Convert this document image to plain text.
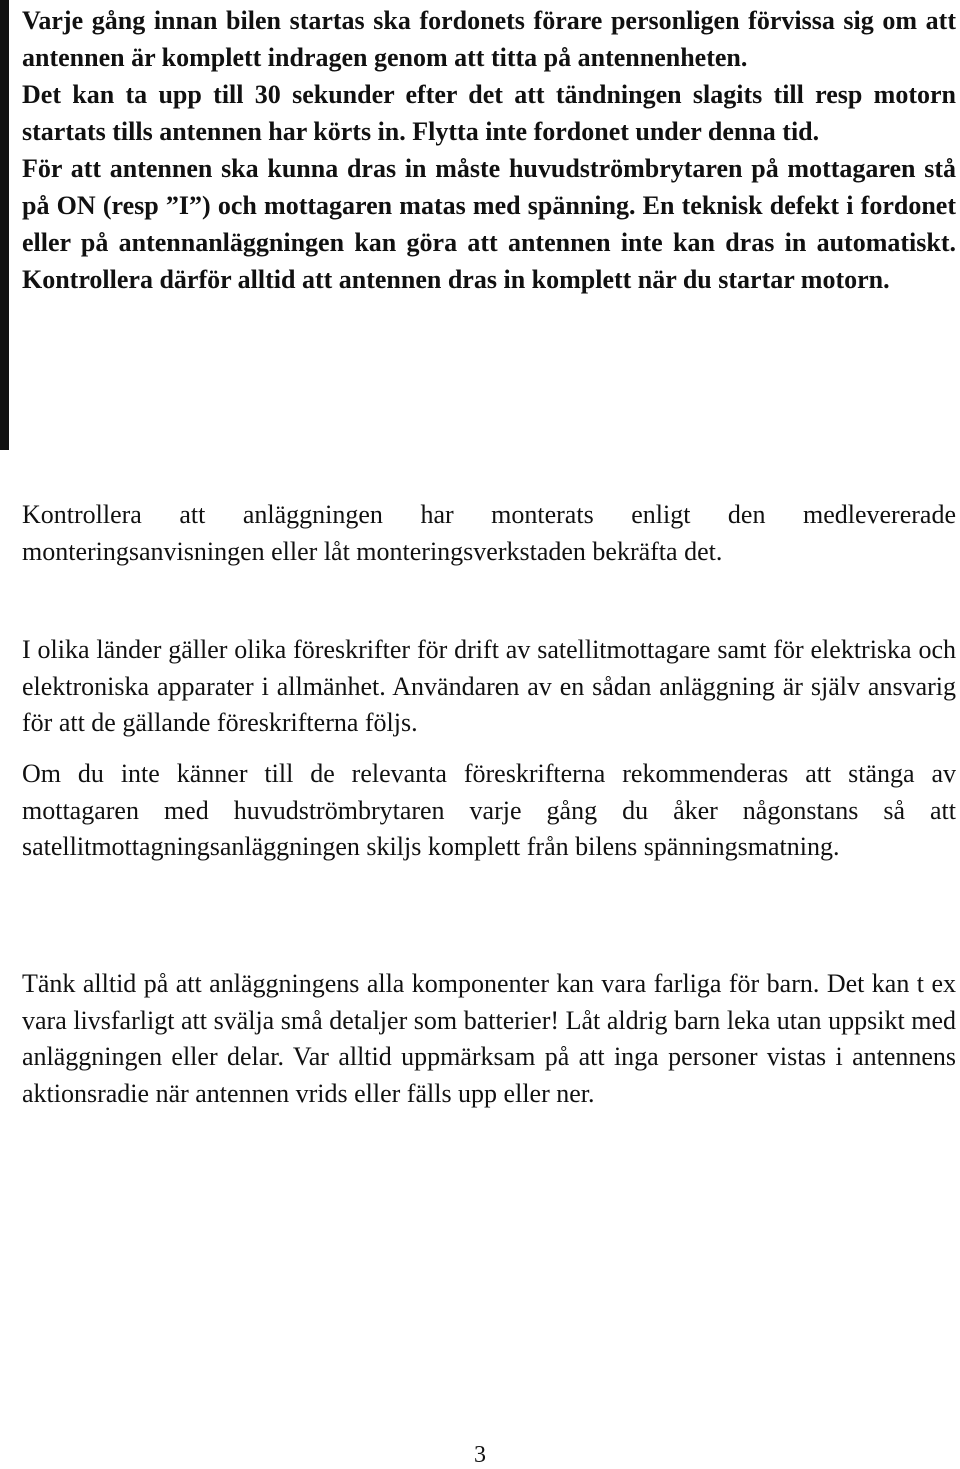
Varje gång innan bilen startas ska fordonets förare personligen förvissa sig om att antennen är komplett indragen genom att titta på antennenheten.

Det kan ta upp till 30 sekunder efter det att tändningen slagits till resp motorn startats tills antennen har körts in. Flytta inte fordonet under denna tid.

För att antennen ska kunna dras in måste huvudströmbrytaren på mottagaren stå på ON (resp ”I”) och mottagaren matas med spänning. En teknisk defekt i fordonet eller på antennanläggningen kan göra att antennen inte kan dras in automatiskt. Kontrollera därför alltid att antennen dras in komplett när du startar motorn.

Kontrollera att anläggningen har monterats enligt den medlevererade monteringsanvisningen eller låt monteringsverkstaden bekräfta det.

I olika länder gäller olika föreskrifter för drift av satellitmottagare samt för elektriska och elektroniska apparater i allmänhet. Användaren av en sådan anläggning är själv ansvarig för att de gällande föreskrifterna följs.

Om du inte känner till de relevanta föreskrifterna rekommenderas att stänga av mottagaren med huvudströmbrytaren varje gång du åker någonstans så att satellitmottagningsanläggningen skiljs komplett från bilens spänningsmatning.

Tänk alltid på att anläggningens alla komponenter kan vara farliga för barn. Det kan t ex vara livsfarligt att svälja små detaljer som batterier! Låt aldrig barn leka utan uppsikt med anläggningen eller delar. Var alltid uppmärksam på att inga personer vistas i antennens aktionsradie när antennen vrids eller fälls upp eller ner.

3
